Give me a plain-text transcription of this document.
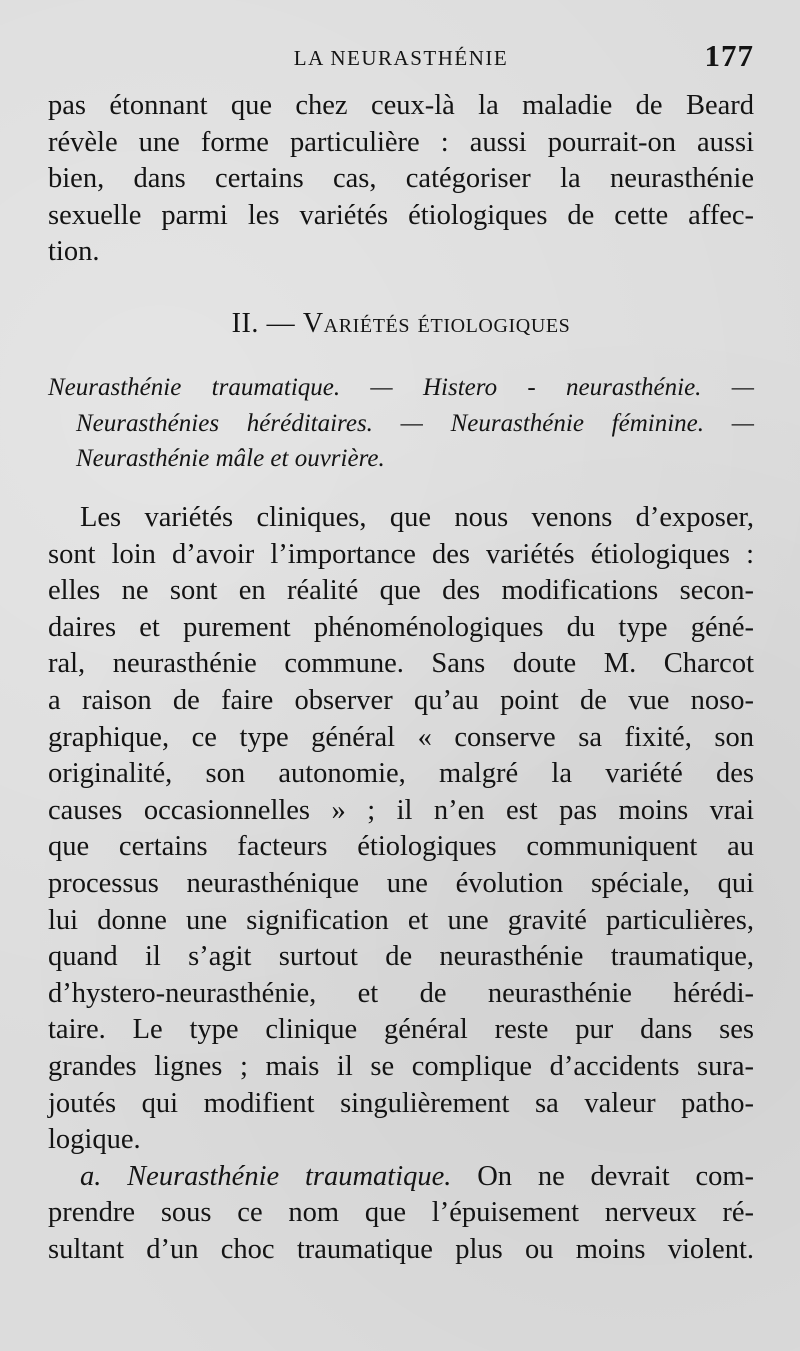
LA NEURASTHÉNIE	177
pas étonnant que chez ceux-là la maladie de Beard
révèle une forme particulière : aussi pourrait-on aussi
bien, dans certains cas, catégoriser la neurasthénie
sexuelle parmi les variétés étiologiques de cette affec-
tion.
II. — Variétés étiologiques
Neurasthénie traumatique. — Histero - neurasthénie. —
Neurasthénies héréditaires. — Neurasthénie féminine. —
Neurasthénie mâle et ouvrière.
Les variétés cliniques, que nous venons d’exposer,
sont loin d’avoir l’importance des variétés étiologiques :
elles ne sont en réalité que des modifications secon-
daires et purement phénoménologiques du type géné-
ral, neurasthénie commune. Sans doute M. Charcot
a raison de faire observer qu’au point de vue noso-
graphique, ce type général « conserve sa fixité, son
originalité, son autonomie, malgré la variété des
causes occasionnelles » ; il n’en est pas moins vrai
que certains facteurs étiologiques communiquent au
processus neurasthénique une évolution spéciale, qui
lui donne une signification et une gravité particulières,
quand il s’agit surtout de neurasthénie traumatique,
d’hystero-neurasthénie, et de neurasthénie hérédi-
taire. Le type clinique général reste pur dans ses
grandes lignes ; mais il se complique d’accidents sura-
joutés qui modifient singulièrement sa valeur patho-
logique.
a. Neurasthénie traumatique. On ne devrait com-
prendre sous ce nom que l’épuisement nerveux ré-
sultant d’un choc traumatique plus ou moins violent.
